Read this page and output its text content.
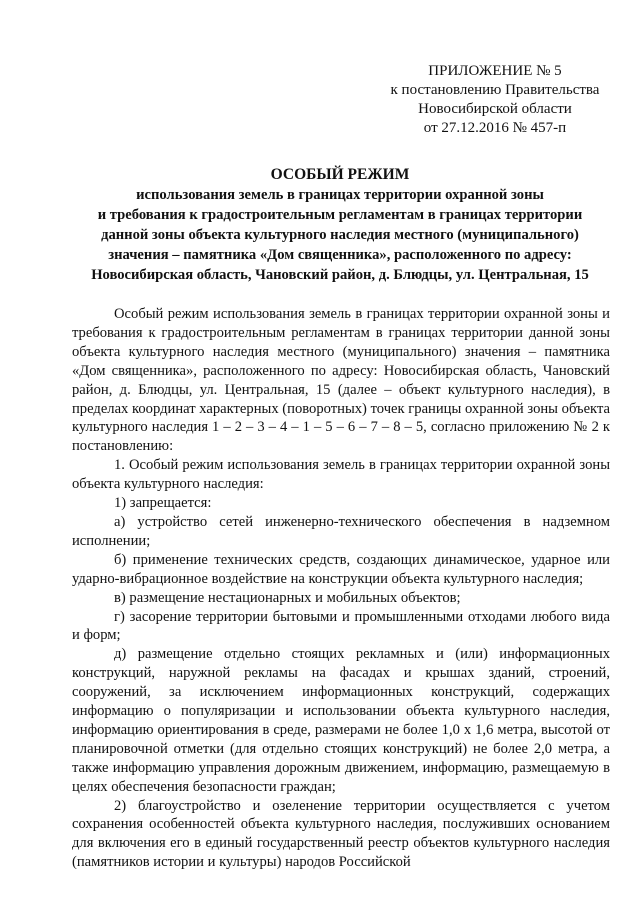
ПРИЛОЖЕНИЕ № 5
к постановлению Правительства
Новосибирской области
от 27.12.2016 № 457-п
ОСОБЫЙ РЕЖИМ
использования земель в границах территории охранной зоны
и требования к градостроительным регламентам в границах территории
данной зоны объекта культурного наследия местного (муниципального)
значения – памятника «Дом священника», расположенного по адресу:
Новосибирская область, Чановский район, д. Блюдцы, ул. Центральная, 15

Особый режим использования земель в границах территории охранной зоны и требования к градостроительным регламентам в границах территории данной зоны объекта культурного наследия местного (муниципального) значения – памятника «Дом священника», расположенного по адресу: Новосибирская область, Чановский район, д. Блюдцы, ул. Центральная, 15 (далее – объект культурного наследия), в пределах координат характерных (поворотных) точек границы охранной зоны объекта культурного наследия 1 – 2 – 3 – 4 – 1 – 5 – 6 – 7 – 8 – 5, согласно приложению № 2 к постановлению:

1. Особый режим использования земель в границах территории охранной зоны объекта культурного наследия:

1) запрещается:

а) устройство сетей инженерно-технического обеспечения в надземном исполнении;

б) применение технических средств, создающих динамическое, ударное или ударно-вибрационное воздействие на конструкции объекта культурного наследия;

в) размещение нестационарных и мобильных объектов;

г) засорение территории бытовыми и промышленными отходами любого вида и форм;

д) размещение отдельно стоящих рекламных и (или) информационных конструкций, наружной рекламы на фасадах и крышах зданий, строений, сооружений, за исключением информационных конструкций, содержащих информацию о популяризации и использовании объекта культурного наследия, информацию ориентирования в среде, размерами не более 1,0 х 1,6 метра, высотой от планировочной отметки (для отдельно стоящих конструкций) не более 2,0 метра, а также информацию управления дорожным движением, информацию, размещаемую в целях обеспечения безопасности граждан;

2) благоустройство и озеленение территории осуществляется с учетом сохранения особенностей объекта культурного наследия, послуживших основанием для включения его в единый государственный реестр объектов культурного наследия (памятников истории и культуры) народов Российской
